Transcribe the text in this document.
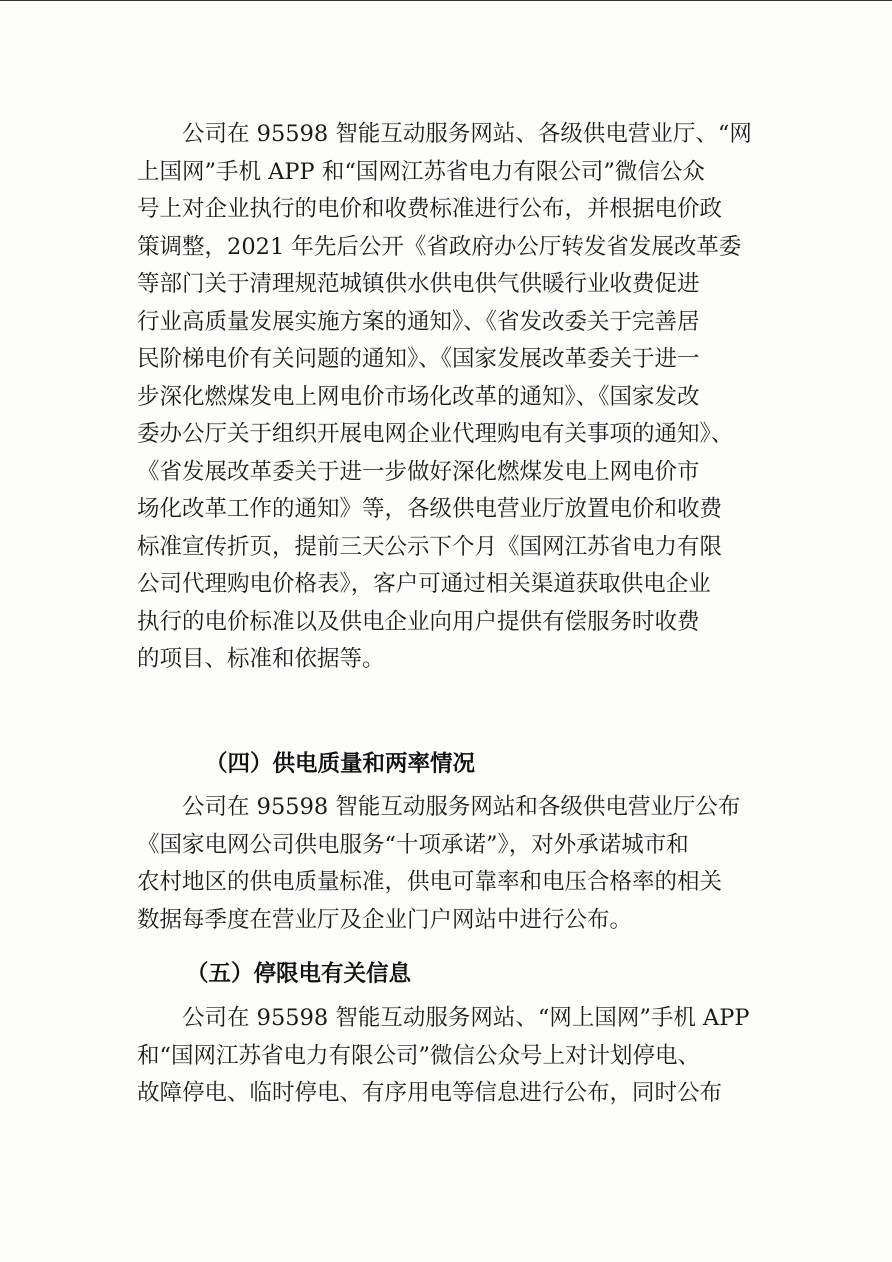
　　公司在 95598 智能互动服务网站、各级供电营业厅、“网
上国网”手机 APP 和“国网江苏省电力有限公司”微信公众
号上对企业执行的电价和收费标准进行公布，并根据电价政
策调整，2021 年先后公开《省政府办公厅转发省发展改革委
等部门关于清理规范城镇供水供电供气供暖行业收费促进
行业高质量发展实施方案的通知》、《省发改委关于完善居
民阶梯电价有关问题的通知》、《国家发展改革委关于进一
步深化燃煤发电上网电价市场化改革的通知》、《国家发改
委办公厅关于组织开展电网企业代理购电有关事项的通知》、
《省发展改革委关于进一步做好深化燃煤发电上网电价市
场化改革工作的通知》等，各级供电营业厅放置电价和收费
标准宣传折页，提前三天公示下个月《国网江苏省电力有限
公司代理购电价格表》，客户可通过相关渠道获取供电企业
执行的电价标准以及供电企业向用户提供有偿服务时收费
的项目、标准和依据等。
（四）供电质量和两率情况
　　公司在 95598 智能互动服务网站和各级供电营业厅公布
《国家电网公司供电服务“十项承诺”》，对外承诺城市和
农村地区的供电质量标准，供电可靠率和电压合格率的相关
数据每季度在营业厅及企业门户网站中进行公布。
（五）停限电有关信息
　　公司在 95598 智能互动服务网站、“网上国网”手机 APP
和“国网江苏省电力有限公司”微信公众号上对计划停电、
故障停电、临时停电、有序用电等信息进行公布，同时公布
